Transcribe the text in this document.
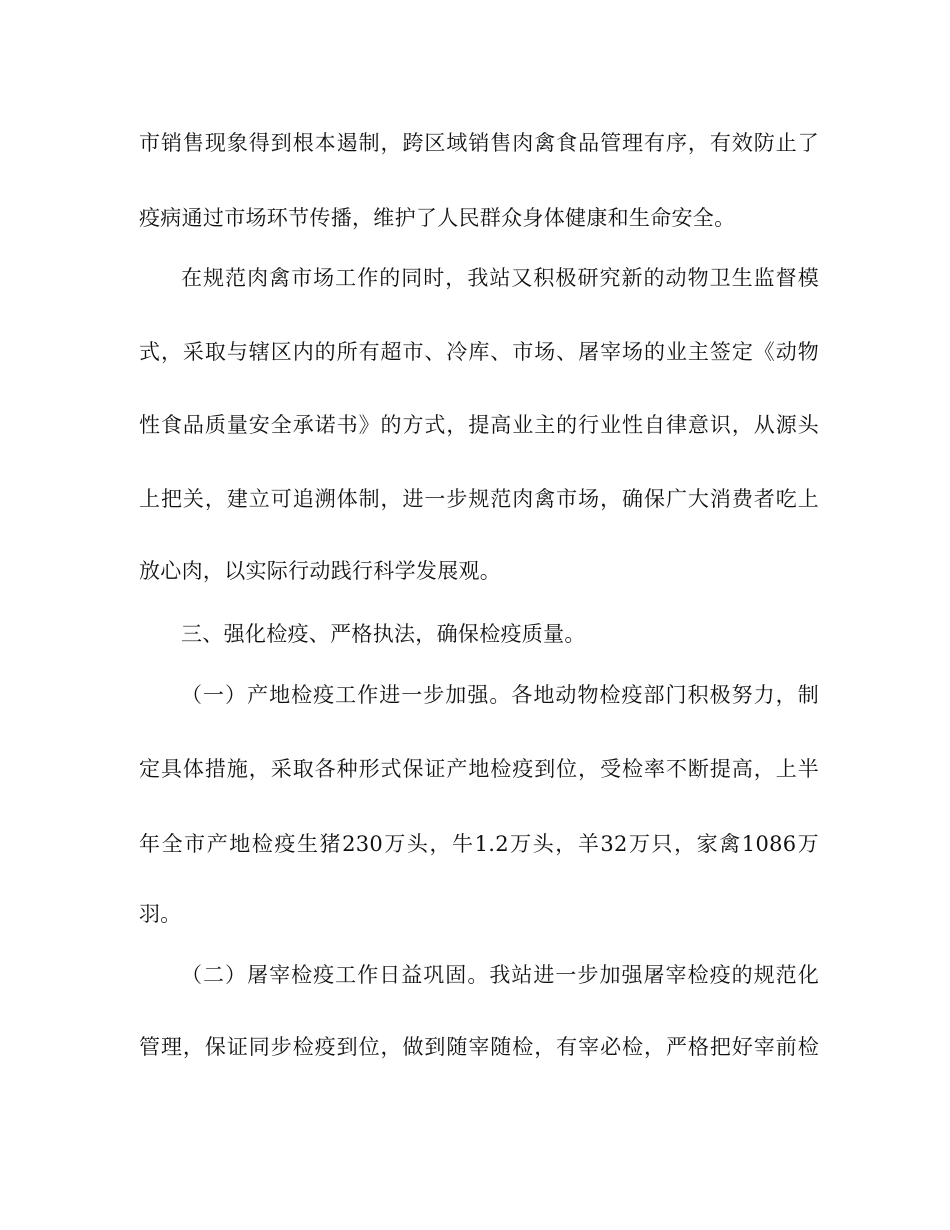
市销售现象得到根本遏制，跨区域销售肉禽食品管理有序，有效防止了
疫病通过市场环节传播，维护了人民群众身体健康和生命安全。
在规范肉禽市场工作的同时，我站又积极研究新的动物卫生监督模
式，采取与辖区内的所有超市、冷库、市场、屠宰场的业主签定《动物
性食品质量安全承诺书》的方式，提高业主的行业性自律意识，从源头
上把关，建立可追溯体制，进一步规范肉禽市场，确保广大消费者吃上
放心肉，以实际行动践行科学发展观。
三、强化检疫、严格执法，确保检疫质量。
（一）产地检疫工作进一步加强。各地动物检疫部门积极努力，制
定具体措施，采取各种形式保证产地检疫到位，受检率不断提高，上半
年全市产地检疫生猪230万头，牛1.2万头，羊32万只，家禽1086万
羽。
（二）屠宰检疫工作日益巩固。我站进一步加强屠宰检疫的规范化
管理，保证同步检疫到位，做到随宰随检，有宰必检，严格把好宰前检
